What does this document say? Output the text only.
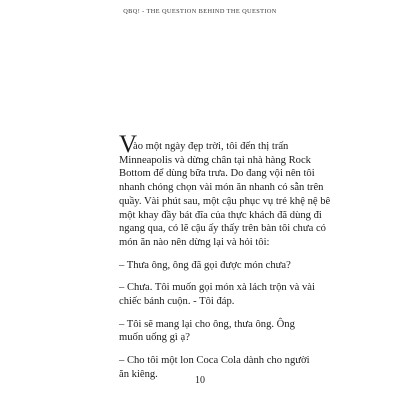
QBQ! - THE QUESTION BEHIND THE QUESTION
V
ào một ngày đẹp trời, tôi đến thị trấn
Minneapolis và dừng chân tại nhà hàng Rock
Bottom để dùng bữa trưa. Do đang vội nên tôi
nhanh chóng chọn vài món ăn nhanh có sẵn trên
quầy. Vài phút sau, một cậu phục vụ trẻ khệ nệ bê
một khay đầy bát đĩa của thực khách đã dùng đi
ngang qua, có lẽ cậu ấy thấy trên bàn tôi chưa có
món ăn nào nên dừng lại và hỏi tôi:
– Thưa ông, ông đã gọi được món chưa?
– Chưa. Tôi muốn gọi món xà lách trộn và vài
chiếc bánh cuộn. - Tôi đáp.
– Tôi sẽ mang lại cho ông, thưa ông. Ông
muốn uống gì ạ?
– Cho tôi một lon Coca Cola dành cho người
ăn kiêng.
10
